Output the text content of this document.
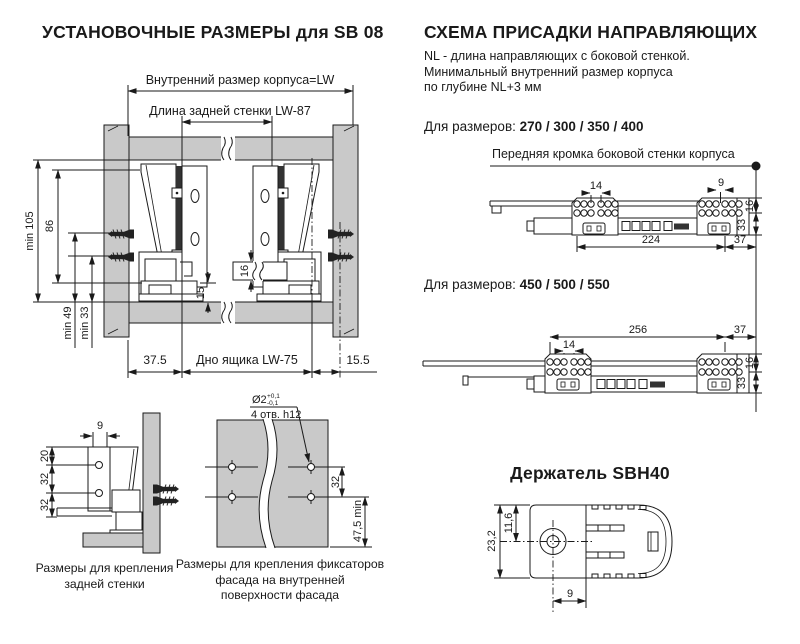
Внутренний размер корпуса=LW
Длина задней стенки LW-87
min 105 86
min 49 min 33
16
15
37.5 Дно ящика LW-75	15.5
9
20
32
32
Ø2 +0,1
-0,1
4 отв. h12
32
47,5 min
14	9
16
33
224	37
256	37
14
16
33
23,2
11,6
9
УСТАНОВОЧНЫЕ РАЗМЕРЫ для SB 08 СХЕМА ПРИСАДКИ НАПРАВЛЯЮЩИХ
NL - длина направляющих с боковой стенкой.
Минимальный внутренний размер корпуса
по глубине NL+3 мм
Для размеров: 270 / 300 / 350 / 400
Передняя кромка боковой стенки корпуса
Для размеров: 450 / 500 / 550
Держатель SBH40
Размеры для крепления
задней стенки
Размеры для крепления фиксаторов
фасада на внутренней
поверхности фасада
